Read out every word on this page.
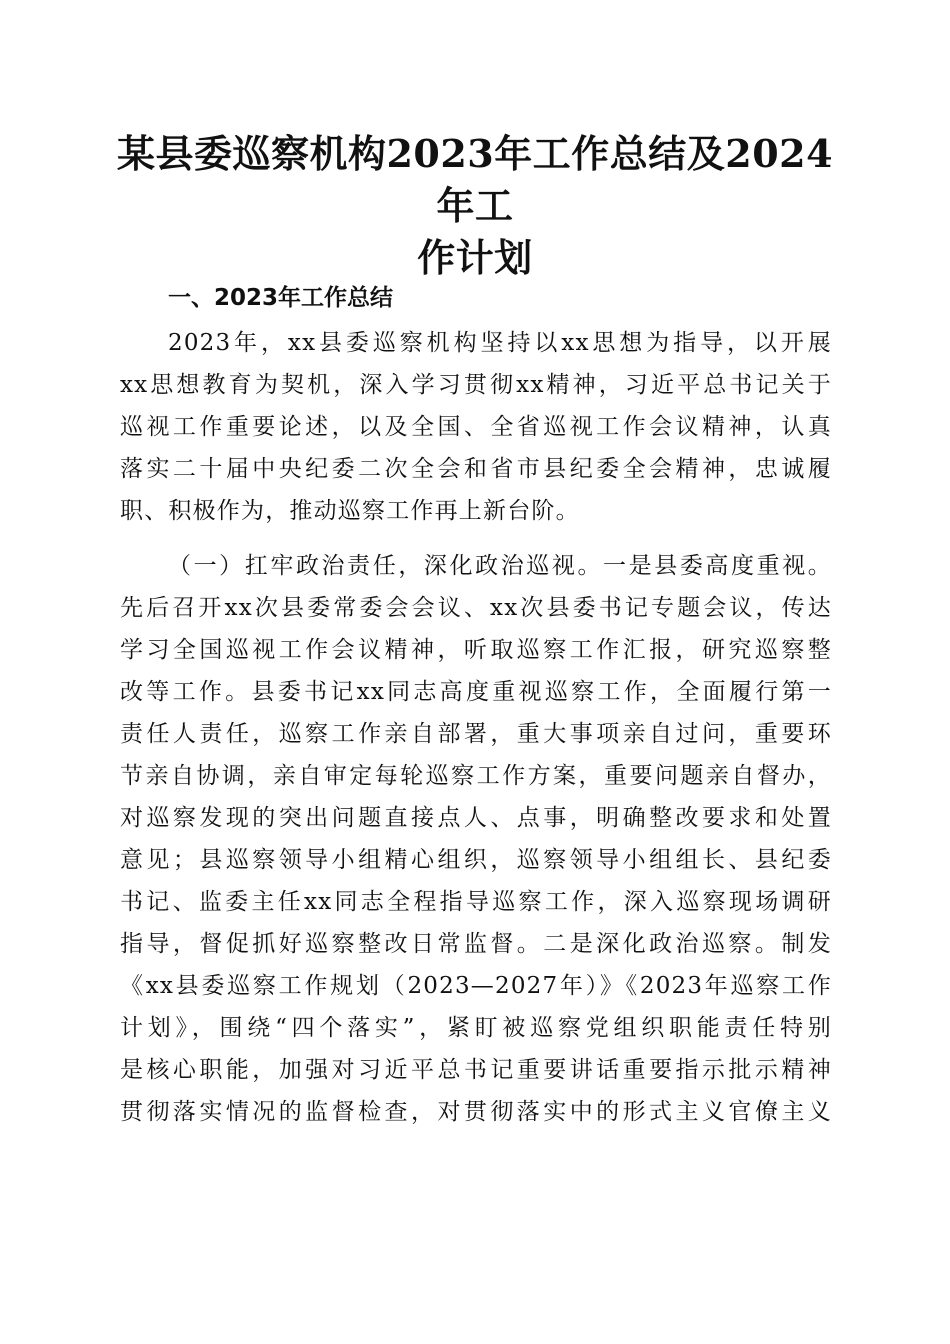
某县委巡察机构2023年工作总结及2024年工
作计划
一、2023年工作总结
2023年，xx县委巡察机构坚持以xx思想为指导，以开展
xx思想教育为契机，深入学习贯彻xx精神，习近平总书记关于
巡视工作重要论述，以及全国、全省巡视工作会议精神，认真
落实二十届中央纪委二次全会和省市县纪委全会精神，忠诚履
职、积极作为，推动巡察工作再上新台阶。
（一）扛牢政治责任，深化政治巡视。一是县委高度重视。
先后召开xx次县委常委会会议、xx次县委书记专题会议，传达
学习全国巡视工作会议精神，听取巡察工作汇报，研究巡察整
改等工作。县委书记xx同志高度重视巡察工作，全面履行第一
责任人责任，巡察工作亲自部署，重大事项亲自过问，重要环
节亲自协调，亲自审定每轮巡察工作方案，重要问题亲自督办，
对巡察发现的突出问题直接点人、点事，明确整改要求和处置
意见；县巡察领导小组精心组织，巡察领导小组组长、县纪委
书记、监委主任xx同志全程指导巡察工作，深入巡察现场调研
指导，督促抓好巡察整改日常监督。二是深化政治巡察。制发
《xx县委巡察工作规划（2023—2027年）》《2023年巡察工作
计划》，围绕“四个落实”，紧盯被巡察党组织职能责任特别
是核心职能，加强对习近平总书记重要讲话重要指示批示精神
贯彻落实情况的监督检查，对贯彻落实中的形式主义官僚主义
